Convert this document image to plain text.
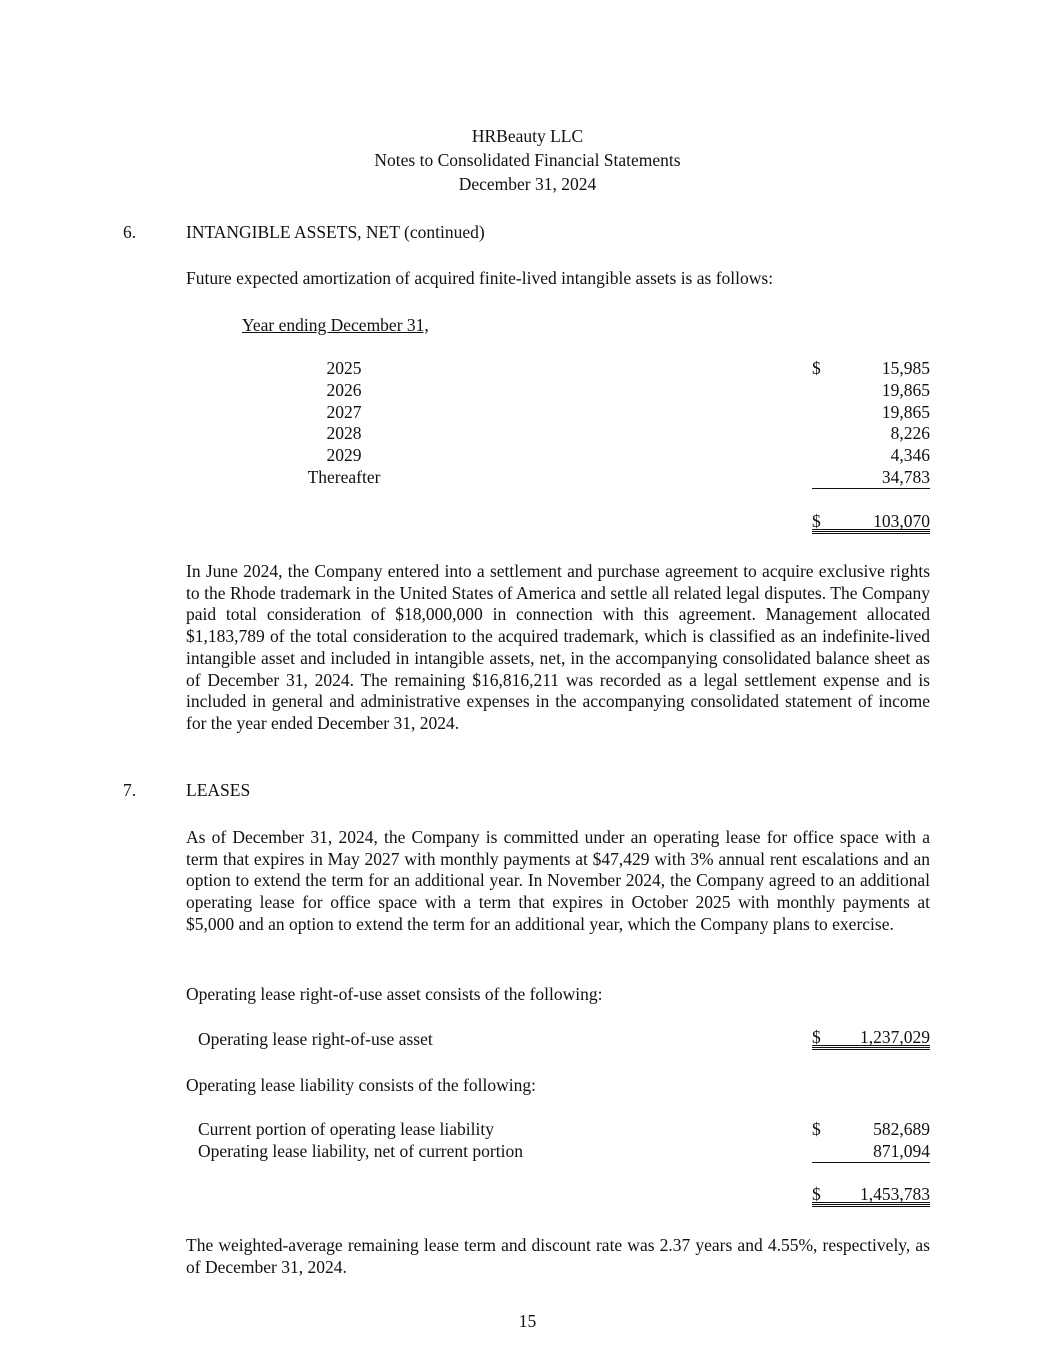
HRBeauty LLC
Notes to Consolidated Financial Statements
December 31, 2024
6.	INTANGIBLE ASSETS, NET (continued)
Future expected amortization of acquired finite-lived intangible assets is as follows:
Year ending December 31,
2025	$	15,985
2026	19,865
2027	19,865
2028	8,226
2029	4,346
Thereafter	34,783
$	103,070
In June 2024, the Company entered into a settlement and purchase agreement to acquire exclusive rights to the Rhode trademark in the United States of America and settle all related legal disputes. The Company paid total consideration of $18,000,000 in connection with this agreement. Management allocated $1,183,789 of the total consideration to the acquired trademark, which is classified as an indefinite-lived intangible asset and included in intangible assets, net, in the accompanying consolidated balance sheet as of December 31, 2024. The remaining $16,816,211 was recorded as a legal settlement expense and is included in general and administrative expenses in the accompanying consolidated statement of income for the year ended December 31, 2024.
7.	LEASES
As of December 31, 2024, the Company is committed under an operating lease for office space with a term that expires in May 2027 with monthly payments at $47,429 with 3% annual rent escalations and an option to extend the term for an additional year. In November 2024, the Company agreed to an additional operating lease for office space with a term that expires in October 2025 with monthly payments at $5,000 and an option to extend the term for an additional year, which the Company plans to exercise.
Operating lease right-of-use asset consists of the following:
Operating lease right-of-use asset	$ 1,237,029
Operating lease liability consists of the following:
Current portion of operating lease liability	$	582,689
Operating lease liability, net of current portion	871,094
$ 1,453,783
The weighted-average remaining lease term and discount rate was 2.37 years and 4.55%, respectively, as of December 31, 2024.
15
